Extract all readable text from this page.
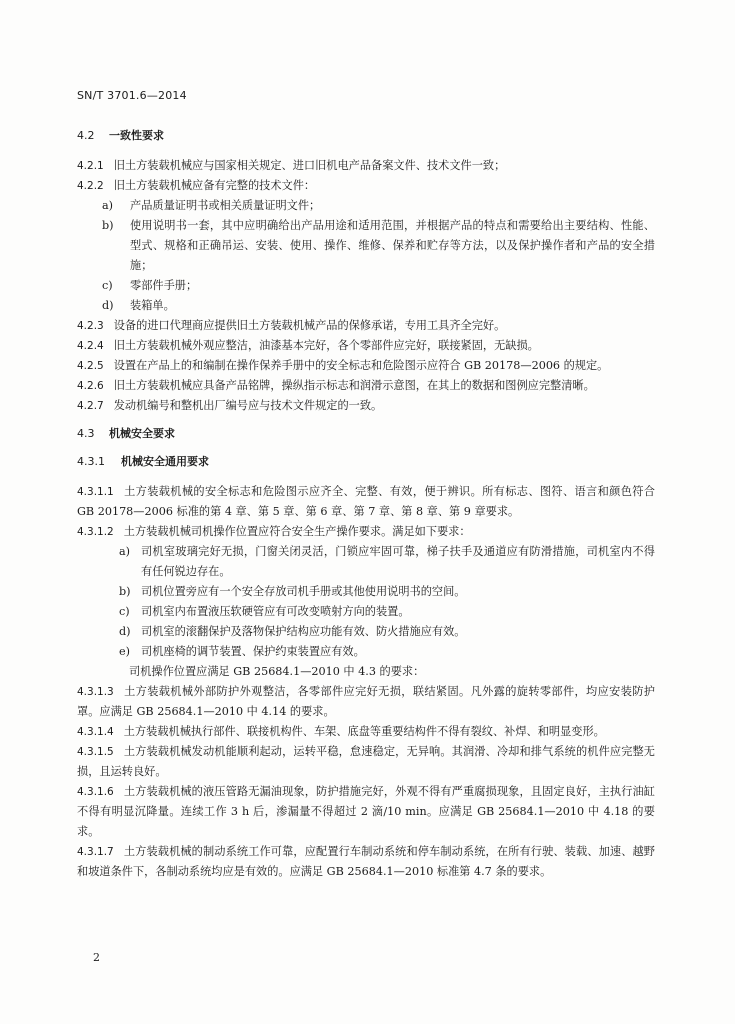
SN/T 3701.6—2014
4.2	一致性要求

4.2.1 旧土方装载机械应与国家相关规定、进口旧机电产品备案文件、技术文件一致；

4.2.2 旧土方装载机械应备有完整的技术文件：

a)	产品质量证明书或相关质量证明文件；
b)	使用说明书一套，其中应明确给出产品用途和适用范围，并根据产品的特点和需要给出主要结构、性能、型式、规格和正确吊运、安装、使用、操作、维修、保养和贮存等方法，以及保护操作者和产品的安全措施；
c)	零部件手册；
d)	装箱单。

4.2.3 设备的进口代理商应提供旧土方装载机械产品的保修承诺，专用工具齐全完好。

4.2.4 旧土方装载机械外观应整洁，油漆基本完好，各个零部件应完好，联接紧固，无缺损。

4.2.5 设置在产品上的和编制在操作保养手册中的安全标志和危险图示应符合 GB 20178—2006 的规定。

4.2.6 旧土方装载机械应具备产品铭牌，操纵指示标志和润滑示意图，在其上的数据和图例应完整清晰。

4.2.7 发动机编号和整机出厂编号应与技术文件规定的一致。

4.3	机械安全要求
4.3.1	机械安全通用要求

4.3.1.1 土方装载机械的安全标志和危险图示应齐全、完整、有效，便于辨识。所有标志、图符、语言和颜色符合 GB 20178—2006 标准的第 4 章、第 5 章、第 6 章、第 7 章、第 8 章、第 9 章要求。

4.3.1.2 土方装载机械司机操作位置应符合安全生产操作要求。满足如下要求：

a) 司机室玻璃完好无损，门窗关闭灵活，门锁应牢固可靠，梯子扶手及通道应有防滑措施，司机室内不得有任何锐边存在。
b) 司机位置旁应有一个安全存放司机手册或其他使用说明书的空间。
c)	司机室内布置液压软硬管应有可改变喷射方向的装置。
d) 司机室的滚翻保护及落物保护结构应功能有效、防火措施应有效。
e) 司机座椅的调节装置、保护约束装置应有效。

司机操作位置应满足 GB 25684.1—2010 中 4.3 的要求：

4.3.1.3 土方装载机械外部防护外观整洁，各零部件应完好无损，联结紧固。凡外露的旋转零部件，均应安装防护罩。应满足 GB 25684.1—2010 中 4.14 的要求。

4.3.1.4 土方装载机械执行部件、联接机构件、车架、底盘等重要结构件不得有裂纹、补焊、和明显变形。

4.3.1.5 土方装载机械发动机能顺利起动，运转平稳，怠速稳定，无异响。其润滑、冷却和排气系统的机件应完整无损，且运转良好。

4.3.1.6 土方装载机械的液压管路无漏油现象，防护措施完好，外观不得有严重腐损现象，且固定良好，主执行油缸不得有明显沉降量。连续工作 3 h 后，渗漏量不得超过 2 滴/10 min。应满足 GB 25684.1—2010 中 4.18 的要求。

4.3.1.7 土方装载机械的制动系统工作可靠，应配置行车制动系统和停车制动系统，在所有行驶、装载、加速、越野和坡道条件下，各制动系统均应是有效的。应满足 GB 25684.1—2010 标准第 4.7 条的要求。

2
